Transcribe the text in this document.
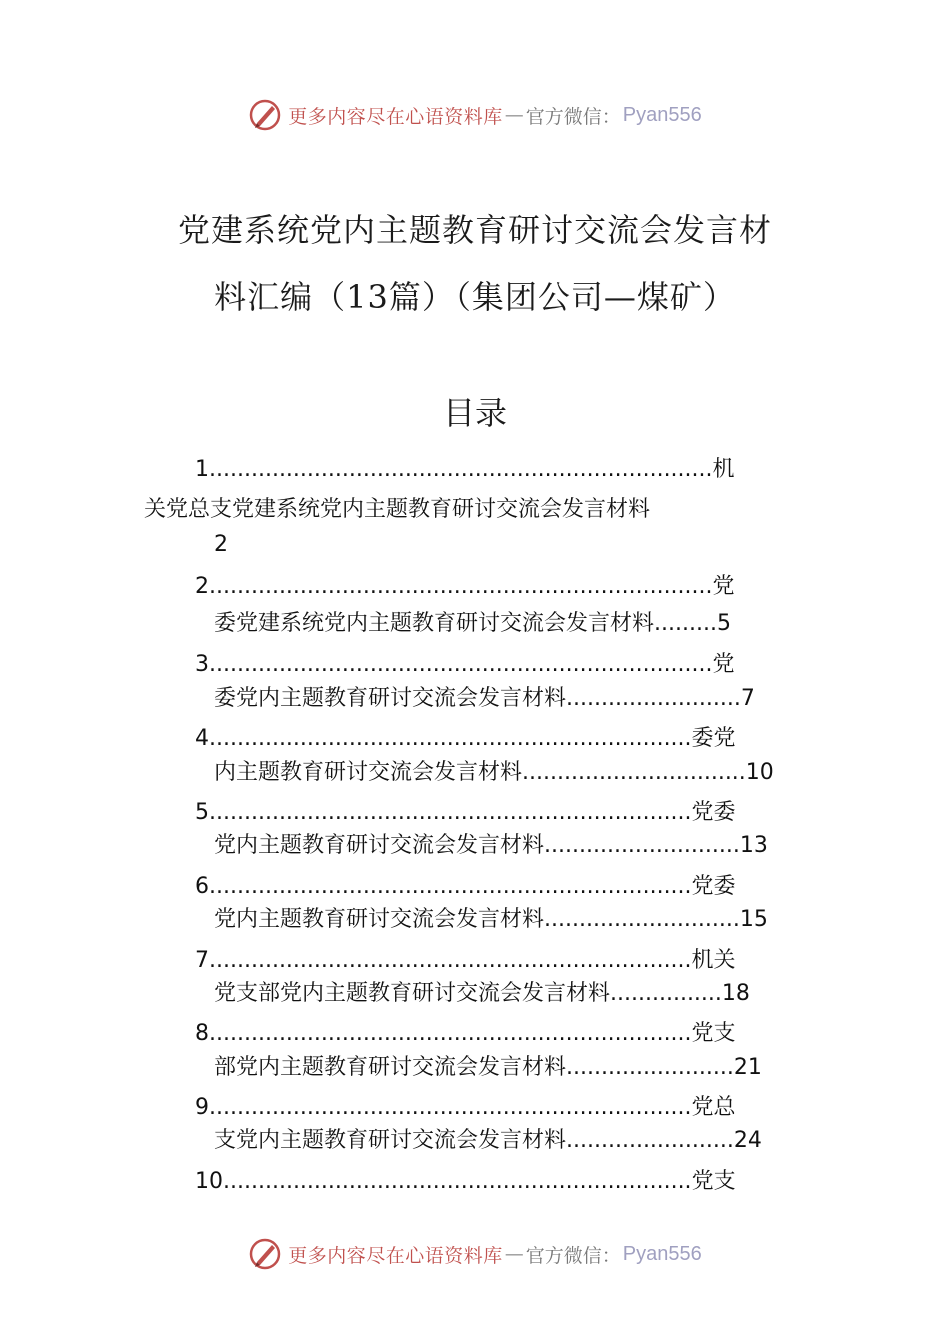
更多内容尽在心语资料库 — 官方微信： Pyan556
党建系统党内主题教育研讨交流会发言材
料汇编（13篇）（集团公司—煤矿）
目录
1........................................................................机
关党总支党建系统党内主题教育研讨交流会发言材料
2
2........................................................................党
委党建系统党内主题教育研讨交流会发言材料.........5
3........................................................................党
委党内主题教育研讨交流会发言材料.........................7
4.....................................................................委党
内主题教育研讨交流会发言材料................................10
5.....................................................................党委
党内主题教育研讨交流会发言材料............................13
6.....................................................................党委
党内主题教育研讨交流会发言材料............................15
7.....................................................................机关
党支部党内主题教育研讨交流会发言材料................18
8.....................................................................党支
部党内主题教育研讨交流会发言材料........................21
9.....................................................................党总
支党内主题教育研讨交流会发言材料........................24
10...................................................................党支
更多内容尽在心语资料库 — 官方微信： Pyan556
